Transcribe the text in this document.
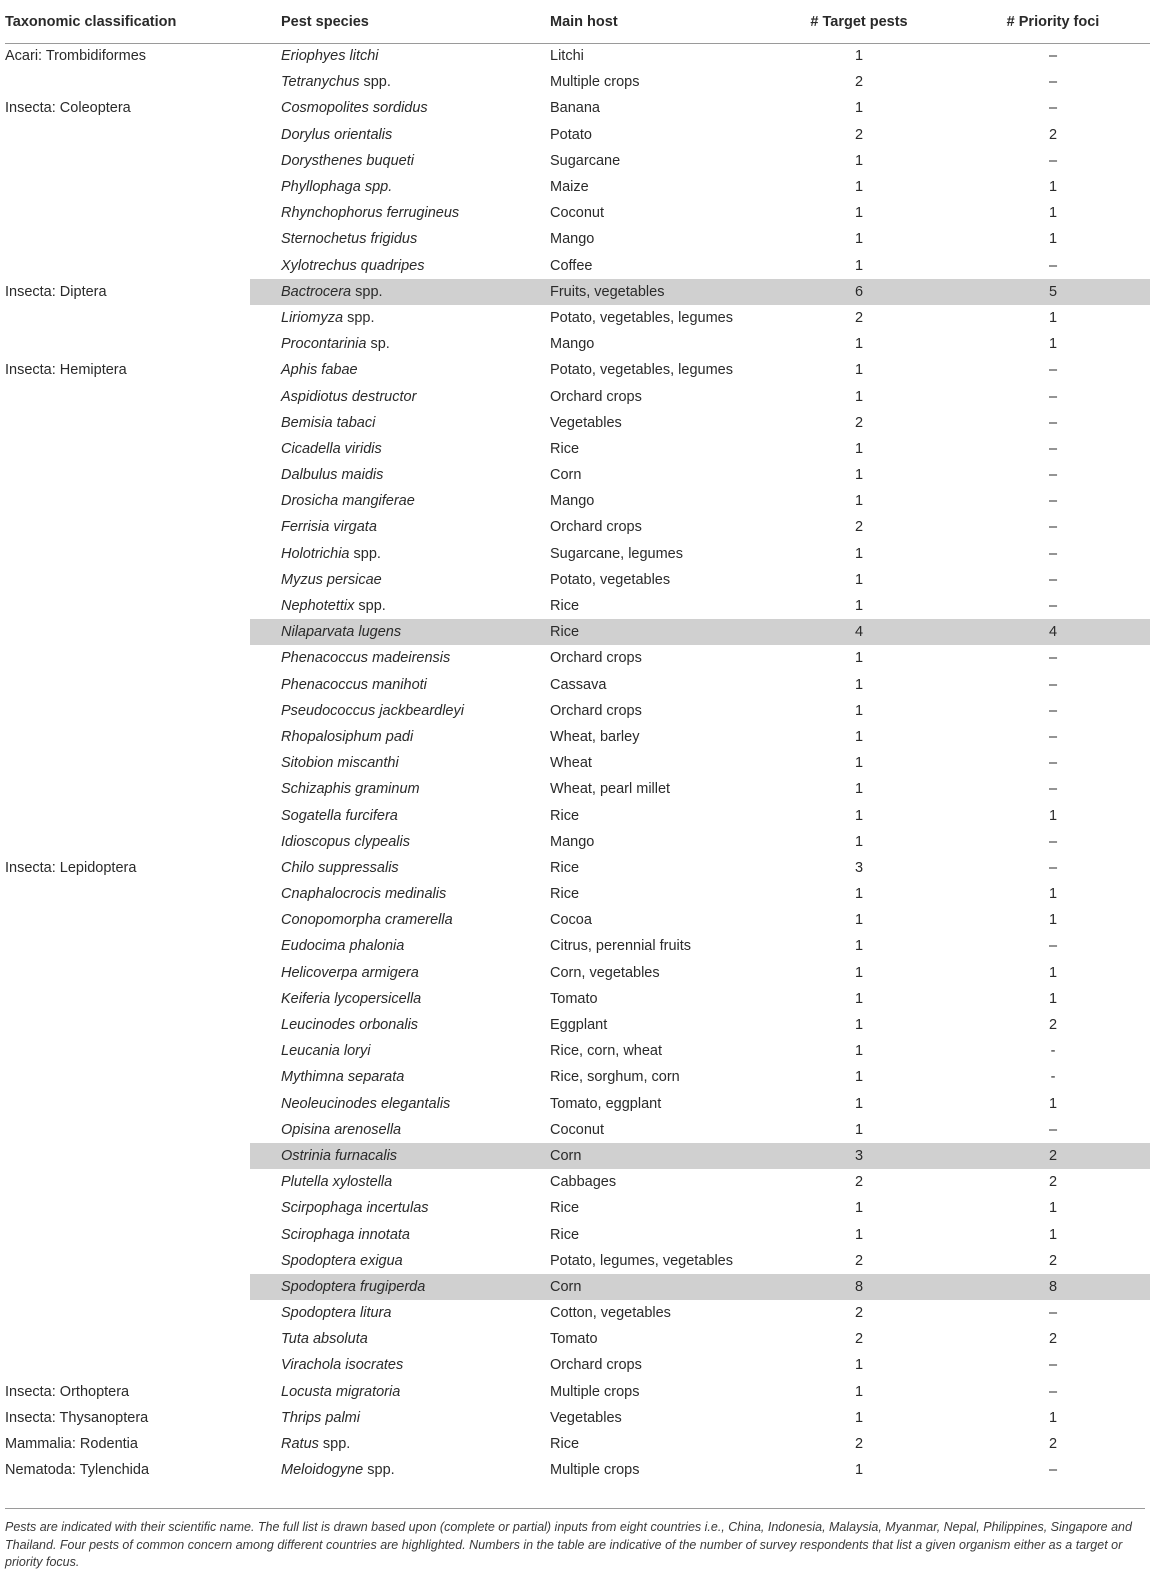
Taxonomic classification	Pest species	Main host	# Target pests	# Priority foci
Acari: Trombidiformes	Eriophyes litchi	Litchi	1	–
	Tetranychus spp.	Multiple crops	2	–
Insecta: Coleoptera	Cosmopolites sordidus	Banana	1	–
	Dorylus orientalis	Potato	2	2
	Dorysthenes buqueti	Sugarcane	1	–
	Phyllophaga spp.	Maize	1	1
	Rhynchophorus ferrugineus	Coconut	1	1
	Sternochetus frigidus	Mango	1	1
	Xylotrechus quadripes	Coffee	1	–
Insecta: Diptera	Bactrocera spp.	Fruits, vegetables	6	5
	Liriomyza spp.	Potato, vegetables, legumes	2	1
	Procontarinia sp.	Mango	1	1
Insecta: Hemiptera	Aphis fabae	Potato, vegetables, legumes	1	–
	Aspidiotus destructor	Orchard crops	1	–
	Bemisia tabaci	Vegetables	2	–
	Cicadella viridis	Rice	1	–
	Dalbulus maidis	Corn	1	–
	Drosicha mangiferae	Mango	1	–
	Ferrisia virgata	Orchard crops	2	–
	Holotrichia spp.	Sugarcane, legumes	1	–
	Myzus persicae	Potato, vegetables	1	–
	Nephotettix spp.	Rice	1	–
	Nilaparvata lugens	Rice	4	4
	Phenacoccus madeirensis	Orchard crops	1	–
	Phenacoccus manihoti	Cassava	1	–
	Pseudococcus jackbeardleyi	Orchard crops	1	–
	Rhopalosiphum padi	Wheat, barley	1	–
	Sitobion miscanthi	Wheat	1	–
	Schizaphis graminum	Wheat, pearl millet	1	–
	Sogatella furcifera	Rice	1	1
	Idioscopus clypealis	Mango	1	–
Insecta: Lepidoptera	Chilo suppressalis	Rice	3	–
	Cnaphalocrocis medinalis	Rice	1	1
	Conopomorpha cramerella	Cocoa	1	1
	Eudocima phalonia	Citrus, perennial fruits	1	–
	Helicoverpa armigera	Corn, vegetables	1	1
	Keiferia lycopersicella	Tomato	1	1
	Leucinodes orbonalis	Eggplant	1	2
	Leucania loryi	Rice, corn, wheat	1	-
	Mythimna separata	Rice, sorghum, corn	1	-
	Neoleucinodes elegantalis	Tomato, eggplant	1	1
	Opisina arenosella	Coconut	1	–
	Ostrinia furnacalis	Corn	3	2
	Plutella xylostella	Cabbages	2	2
	Scirpophaga incertulas	Rice	1	1
	Scirophaga innotata	Rice	1	1
	Spodoptera exigua	Potato, legumes, vegetables	2	2
	Spodoptera frugiperda	Corn	8	8
	Spodoptera litura	Cotton, vegetables	2	–
	Tuta absoluta	Tomato	2	2
	Virachola isocrates	Orchard crops	1	–
Insecta: Orthoptera	Locusta migratoria	Multiple crops	1	–
Insecta: Thysanoptera	Thrips palmi	Vegetables	1	1
Mammalia: Rodentia	Ratus spp.	Rice	2	2
Nematoda: Tylenchida	Meloidogyne spp.	Multiple crops	1	–
Pests are indicated with their scientific name. The full list is drawn based upon (complete or partial) inputs from eight countries i.e., China, Indonesia, Malaysia, Myanmar, Nepal, Philippines, Singapore and Thailand. Four pests of common concern among different countries are highlighted. Numbers in the table are indicative of the number of survey respondents that list a given organism either as a target or priority focus.
